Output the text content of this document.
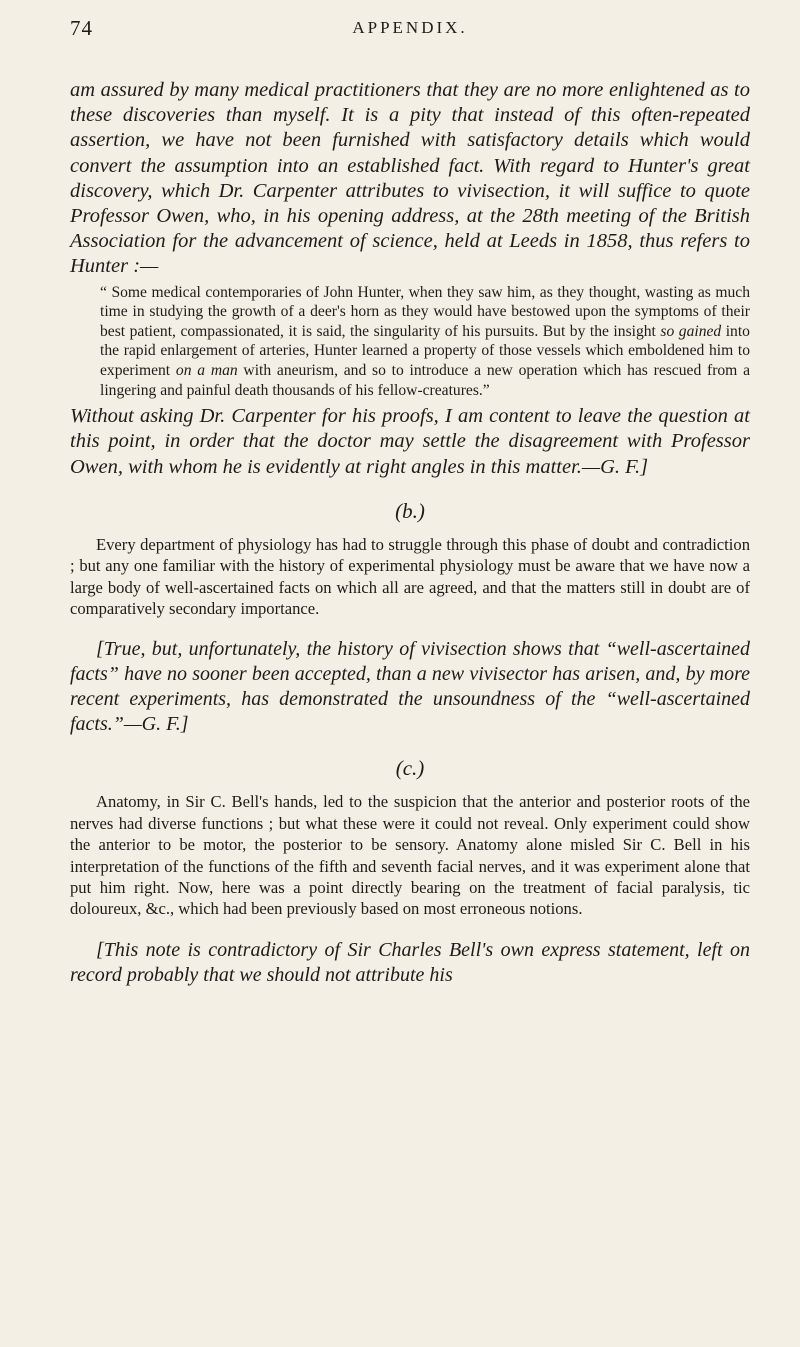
74	APPENDIX.

am assured by many medical practitioners that they are no more enlightened as to these discoveries than myself. It is a pity that instead of this often-repeated assertion, we have not been furnished with satisfactory details which would convert the assumption into an established fact. With regard to Hunter's great discovery, which Dr. Carpenter attributes to vivisection, it will suffice to quote Professor Owen, who, in his opening address, at the 28th meeting of the British Association for the advancement of science, held at Leeds in 1858, thus refers to Hunter :—

“ Some medical contemporaries of John Hunter, when they saw him, as they thought, wasting as much time in studying the growth of a deer's horn as they would have bestowed upon the symptoms of their best patient, compassionated, it is said, the singularity of his pursuits. But by the insight so gained into the rapid enlargement of arteries, Hunter learned a property of those vessels which emboldened him to experiment on a man with aneurism, and so to introduce a new operation which has rescued from a lingering and painful death thousands of his fellow-creatures.”

Without asking Dr. Carpenter for his proofs, I am content to leave the question at this point, in order that the doctor may settle the disagreement with Professor Owen, with whom he is evidently at right angles in this matter.—G. F.]

(b.)

Every department of physiology has had to struggle through this phase of doubt and contradiction ; but any one familiar with the history of experimental physiology must be aware that we have now a large body of well-ascertained facts on which all are agreed, and that the matters still in doubt are of comparatively secondary importance.

[True, but, unfortunately, the history of vivisection shows that “well-ascertained facts” have no sooner been accepted, than a new vivisector has arisen, and, by more recent experiments, has demonstrated the unsoundness of the “well-ascertained facts.”—G. F.]

(c.)

Anatomy, in Sir C. Bell's hands, led to the suspicion that the anterior and posterior roots of the nerves had diverse functions ; but what these were it could not reveal. Only experiment could show the anterior to be motor, the posterior to be sensory. Anatomy alone misled Sir C. Bell in his interpretation of the functions of the fifth and seventh facial nerves, and it was experiment alone that put him right. Now, here was a point directly bearing on the treatment of facial paralysis, tic doloureux, &c., which had been previously based on most erroneous notions.

[This note is contradictory of Sir Charles Bell's own express statement, left on record probably that we should not attribute his
